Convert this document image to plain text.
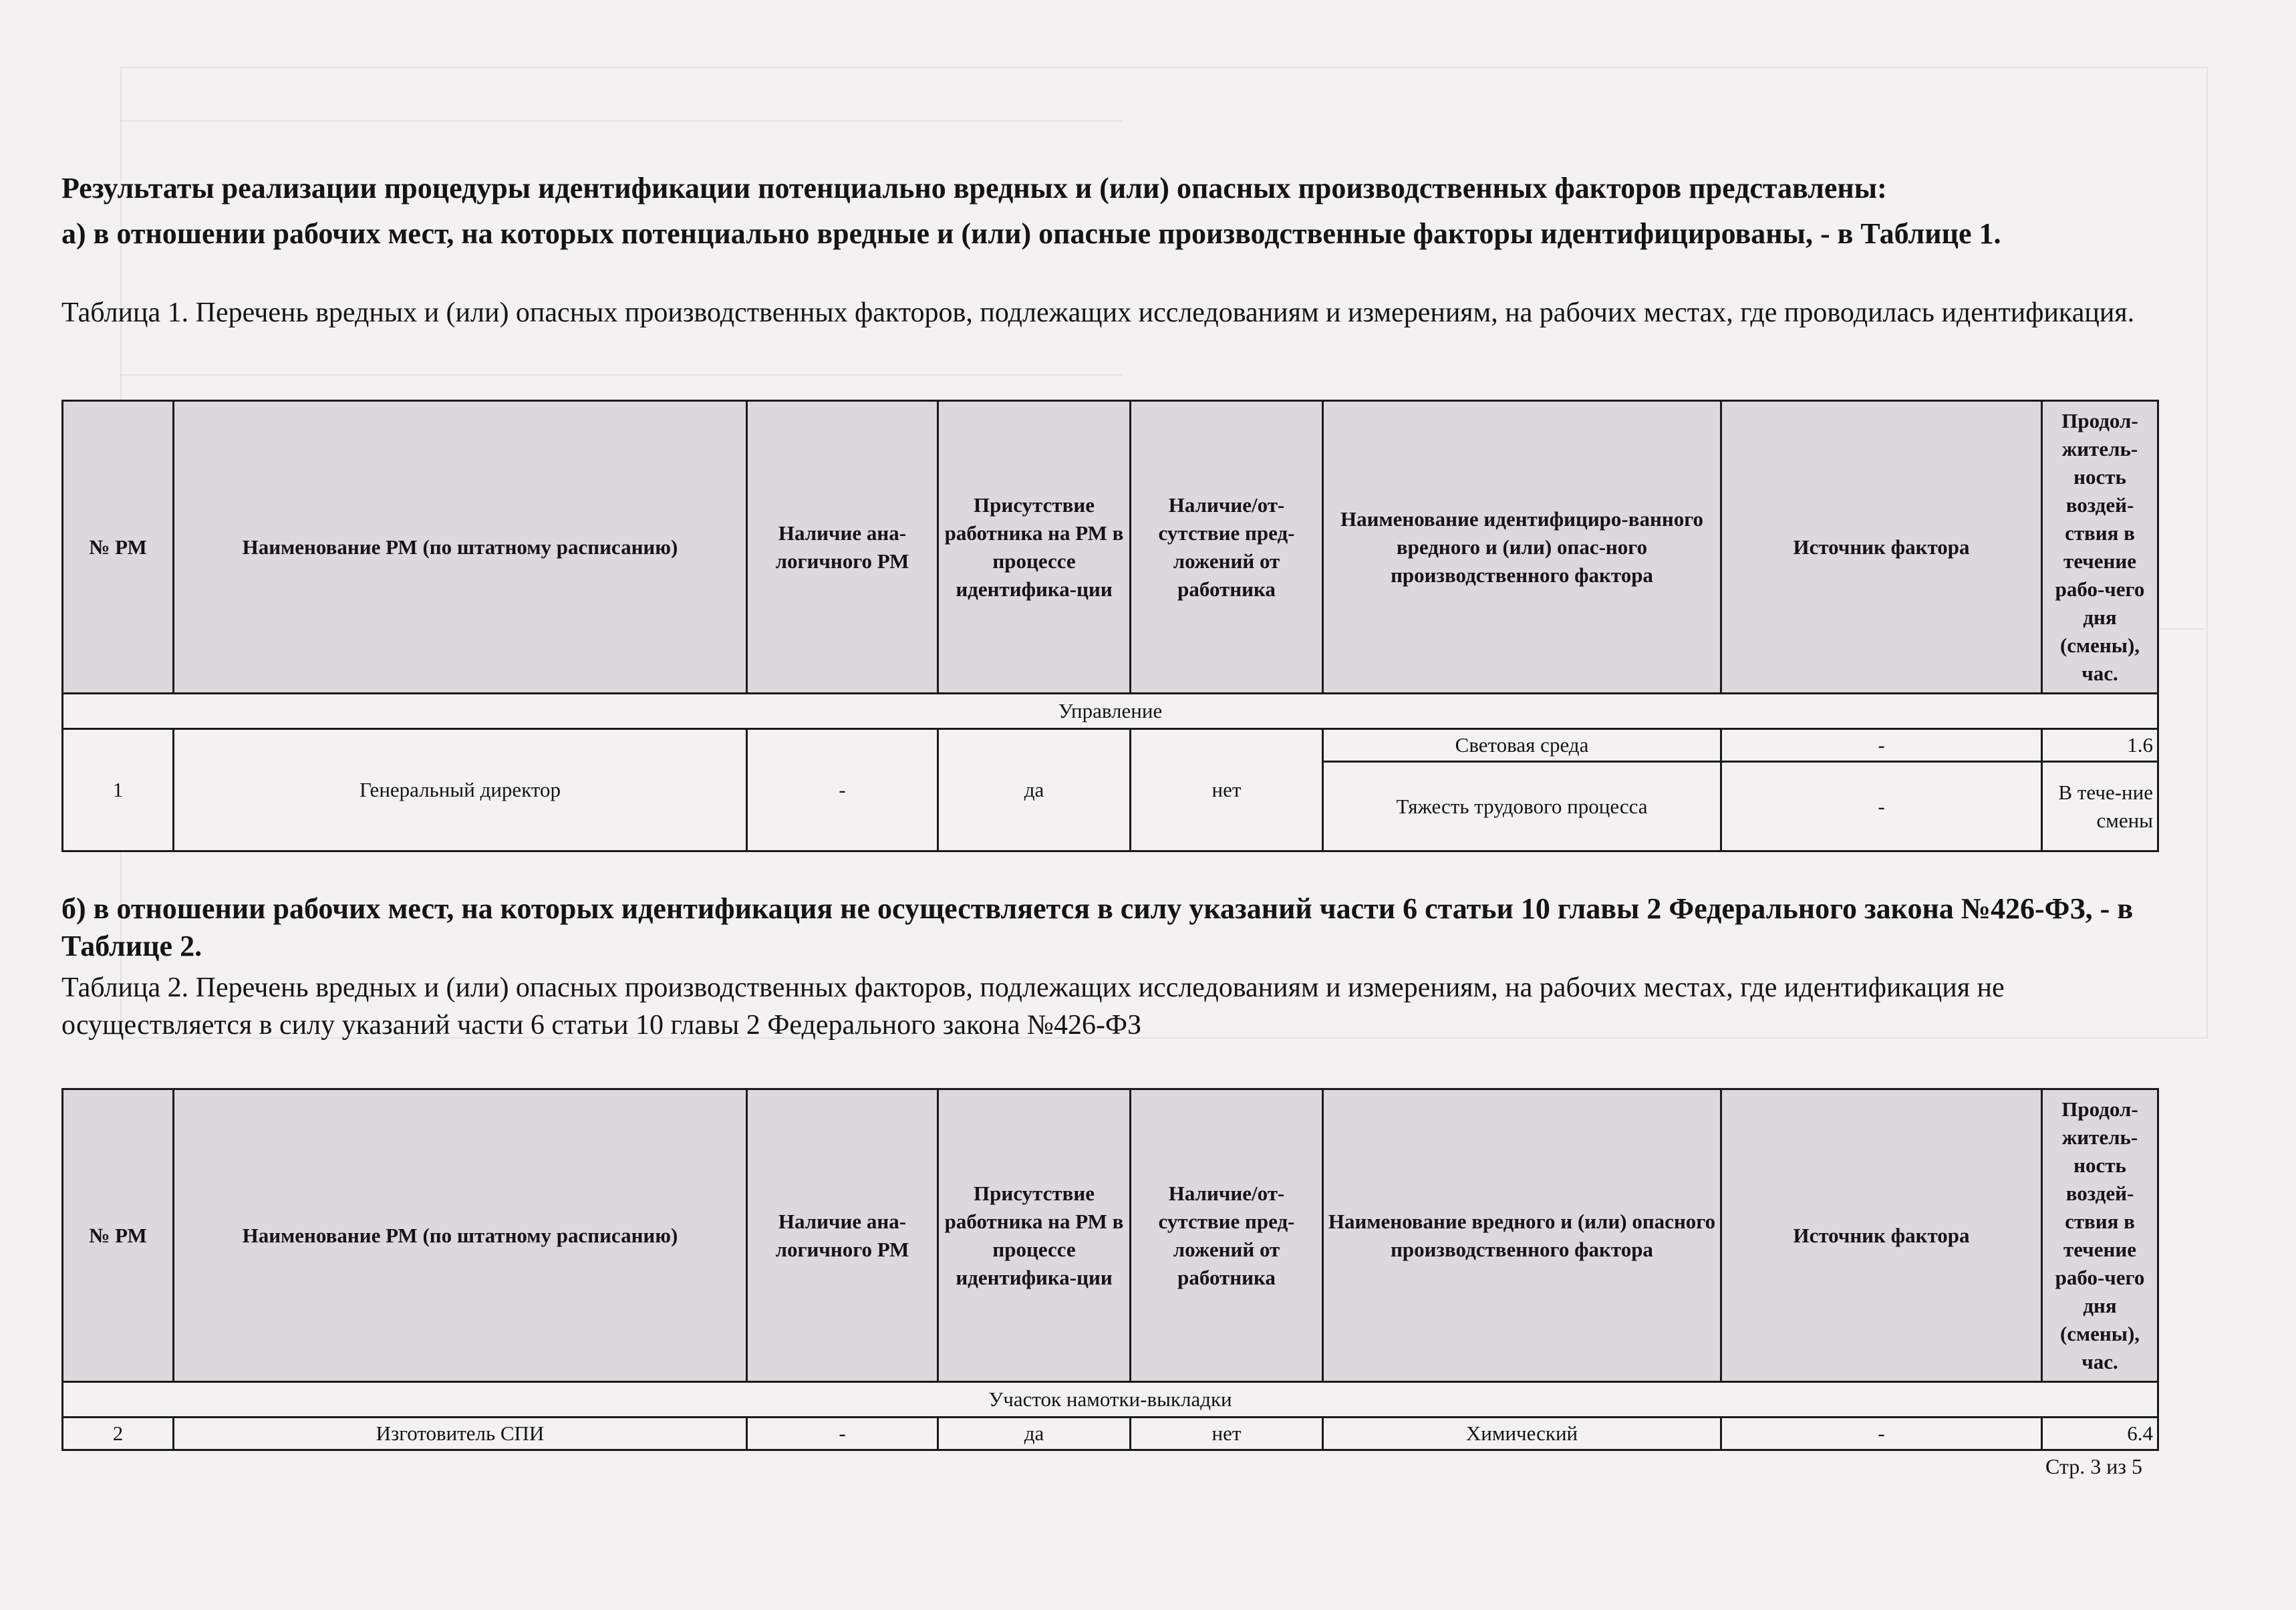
Результаты реализации процедуры идентификации потенциально вредных и (или) опасных производственных факторов представлены:
а) в отношении рабочих мест, на которых потенциально вредные и (или) опасные производственные факторы идентифицированы, - в Таблице 1.
Таблица 1. Перечень вредных и (или) опасных производственных факторов, подлежащих исследованиям и измерениям, на рабочих местах, где проводилась идентификация.
№ РМ	Наименование РМ (по штатному расписанию)	Наличие ана-логичного РМ	Присутствие работника на РМ в процессе идентифика-ции	Наличие/от-сутствие пред-ложений от работника	Наименование идентифициро-ванного вредного и (или) опас-ного производственного фактора	Источник фактора	Продол-житель-ность воздей-ствия в течение рабо-чего дня (смены), час.
Управление							
1	Генеральный директор	-	да	нет	Световая среда	-	1.6
					Тяжесть трудового процесса	-	В тече-ние смены
б) в отношении рабочих мест, на которых идентификация не осуществляется в силу указаний части 6 статьи 10 главы 2 Федерального закона №426-ФЗ, - в Таблице 2.
Таблица 2. Перечень вредных и (или) опасных производственных факторов, подлежащих исследованиям и измерениям, на рабочих местах, где идентификация не осуществляется в силу указаний части 6 статьи 10 главы 2 Федерального закона №426-ФЗ
№ РМ	Наименование РМ (по штатному расписанию)	Наличие ана-логичного РМ	Присутствие работника на РМ в процессе идентифика-ции	Наличие/от-сутствие пред-ложений от работника	Наименование вредного и (или) опасного производственного фактора	Источник фактора	Продол-житель-ность воздей-ствия в течение рабо-чего дня (смены), час.
Участок намотки-выкладки							
2	Изготовитель СПИ	-	да	нет	Химический	-	6.4
Стр. 3 из 5
